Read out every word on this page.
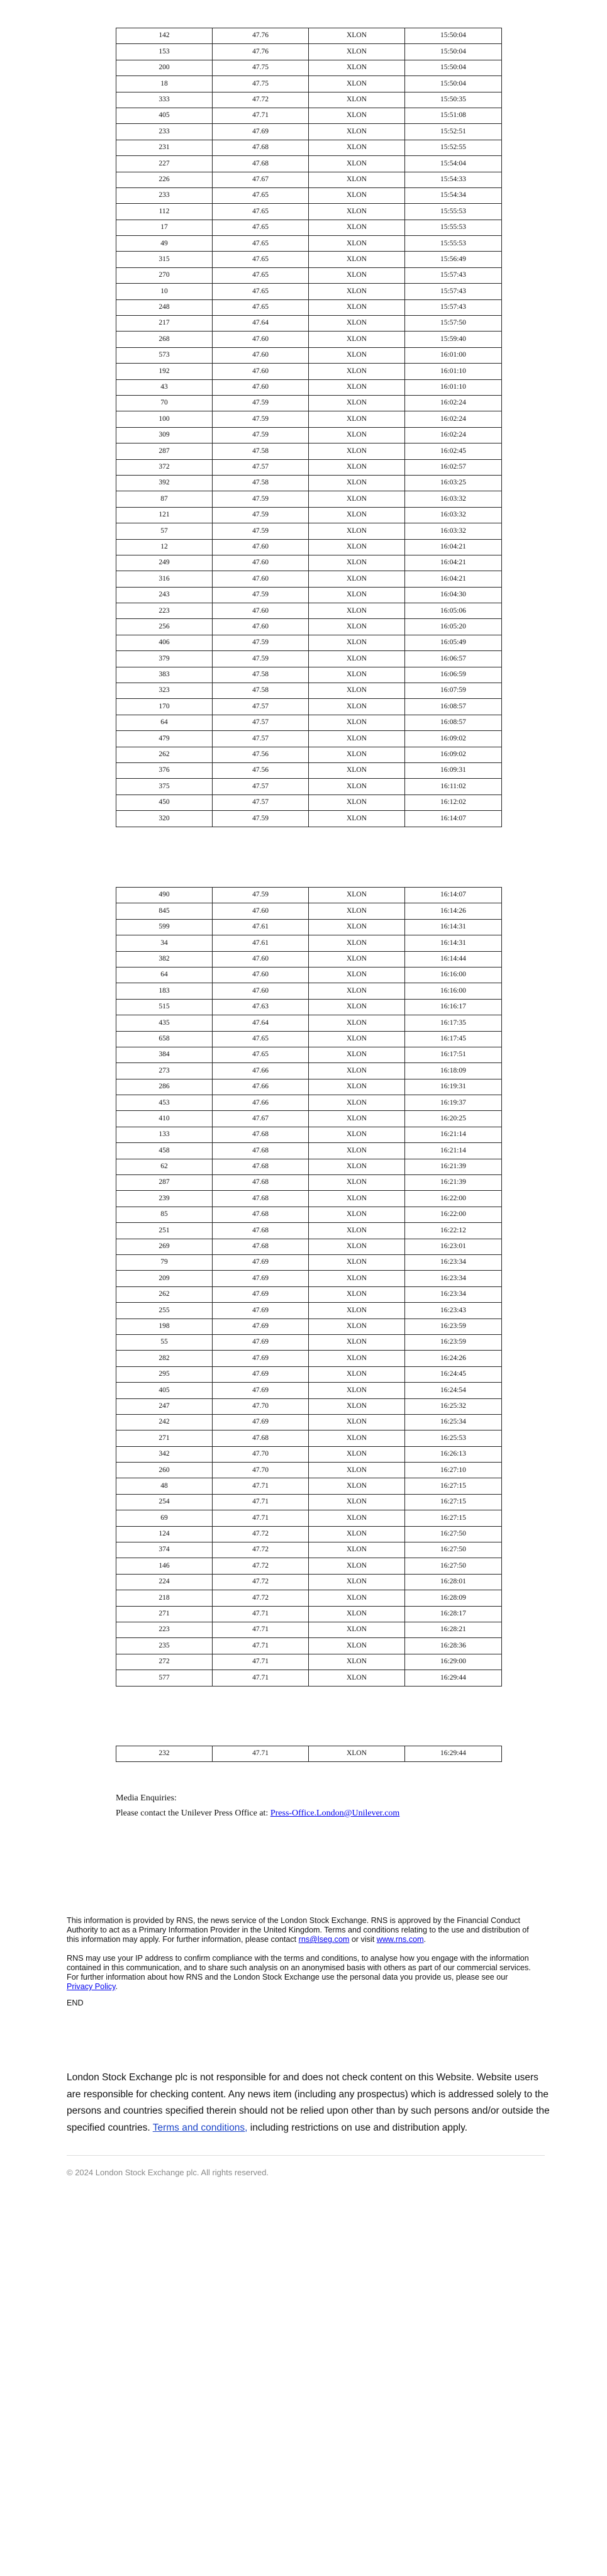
142	47.76	XLON	15:50:04
153	47.76	XLON	15:50:04
200	47.75	XLON	15:50:04
18	47.75	XLON	15:50:04
333	47.72	XLON	15:50:35
405	47.71	XLON	15:51:08
233	47.69	XLON	15:52:51
231	47.68	XLON	15:52:55
227	47.68	XLON	15:54:04
226	47.67	XLON	15:54:33
233	47.65	XLON	15:54:34
112	47.65	XLON	15:55:53
17	47.65	XLON	15:55:53
49	47.65	XLON	15:55:53
315	47.65	XLON	15:56:49
270	47.65	XLON	15:57:43
10	47.65	XLON	15:57:43
248	47.65	XLON	15:57:43
217	47.64	XLON	15:57:50
268	47.60	XLON	15:59:40
573	47.60	XLON	16:01:00
192	47.60	XLON	16:01:10
43	47.60	XLON	16:01:10
70	47.59	XLON	16:02:24
100	47.59	XLON	16:02:24
309	47.59	XLON	16:02:24
287	47.58	XLON	16:02:45
372	47.57	XLON	16:02:57
392	47.58	XLON	16:03:25
87	47.59	XLON	16:03:32
121	47.59	XLON	16:03:32
57	47.59	XLON	16:03:32
12	47.60	XLON	16:04:21
249	47.60	XLON	16:04:21
316	47.60	XLON	16:04:21
243	47.59	XLON	16:04:30
223	47.60	XLON	16:05:06
256	47.60	XLON	16:05:20
406	47.59	XLON	16:05:49
379	47.59	XLON	16:06:57
383	47.58	XLON	16:06:59
323	47.58	XLON	16:07:59
170	47.57	XLON	16:08:57
64	47.57	XLON	16:08:57
479	47.57	XLON	16:09:02
262	47.56	XLON	16:09:02
376	47.56	XLON	16:09:31
375	47.57	XLON	16:11:02
450	47.57	XLON	16:12:02
320	47.59	XLON	16:14:07
490	47.59	XLON	16:14:07
845	47.60	XLON	16:14:26
599	47.61	XLON	16:14:31
34	47.61	XLON	16:14:31
382	47.60	XLON	16:14:44
64	47.60	XLON	16:16:00
183	47.60	XLON	16:16:00
515	47.63	XLON	16:16:17
435	47.64	XLON	16:17:35
658	47.65	XLON	16:17:45
384	47.65	XLON	16:17:51
273	47.66	XLON	16:18:09
286	47.66	XLON	16:19:31
453	47.66	XLON	16:19:37
410	47.67	XLON	16:20:25
133	47.68	XLON	16:21:14
458	47.68	XLON	16:21:14
62	47.68	XLON	16:21:39
287	47.68	XLON	16:21:39
239	47.68	XLON	16:22:00
85	47.68	XLON	16:22:00
251	47.68	XLON	16:22:12
269	47.68	XLON	16:23:01
79	47.69	XLON	16:23:34
209	47.69	XLON	16:23:34
262	47.69	XLON	16:23:34
255	47.69	XLON	16:23:43
198	47.69	XLON	16:23:59
55	47.69	XLON	16:23:59
282	47.69	XLON	16:24:26
295	47.69	XLON	16:24:45
405	47.69	XLON	16:24:54
247	47.70	XLON	16:25:32
242	47.69	XLON	16:25:34
271	47.68	XLON	16:25:53
342	47.70	XLON	16:26:13
260	47.70	XLON	16:27:10
48	47.71	XLON	16:27:15
254	47.71	XLON	16:27:15
69	47.71	XLON	16:27:15
124	47.72	XLON	16:27:50
374	47.72	XLON	16:27:50
146	47.72	XLON	16:27:50
224	47.72	XLON	16:28:01
218	47.72	XLON	16:28:09
271	47.71	XLON	16:28:17
223	47.71	XLON	16:28:21
235	47.71	XLON	16:28:36
272	47.71	XLON	16:29:00
577	47.71	XLON	16:29:44
232	47.71	XLON	16:29:44
Media Enquiries:
Please contact the Unilever Press Office at: Press-Office.London@Unilever.com
This information is provided by RNS, the news service of the London Stock Exchange. RNS is approved by the Financial Conduct Authority to act as a Primary Information Provider in the United Kingdom. Terms and conditions relating to the use and distribution of this information may apply. For further information, please contact rns@lseg.com or visit www.rns.com.
RNS may use your IP address to confirm compliance with the terms and conditions, to analyse how you engage with the information contained in this communication, and to share such analysis on an anonymised basis with others as part of our commercial services. For further information about how RNS and the London Stock Exchange use the personal data you provide us, please see our Privacy Policy.
END
London Stock Exchange plc is not responsible for and does not check content on this Website. Website users are responsible for checking content. Any news item (including any prospectus) which is addressed solely to the persons and countries specified therein should not be relied upon other than by such persons and/or outside the specified countries. Terms and conditions, including restrictions on use and distribution apply.
© 2024 London Stock Exchange plc. All rights reserved.
